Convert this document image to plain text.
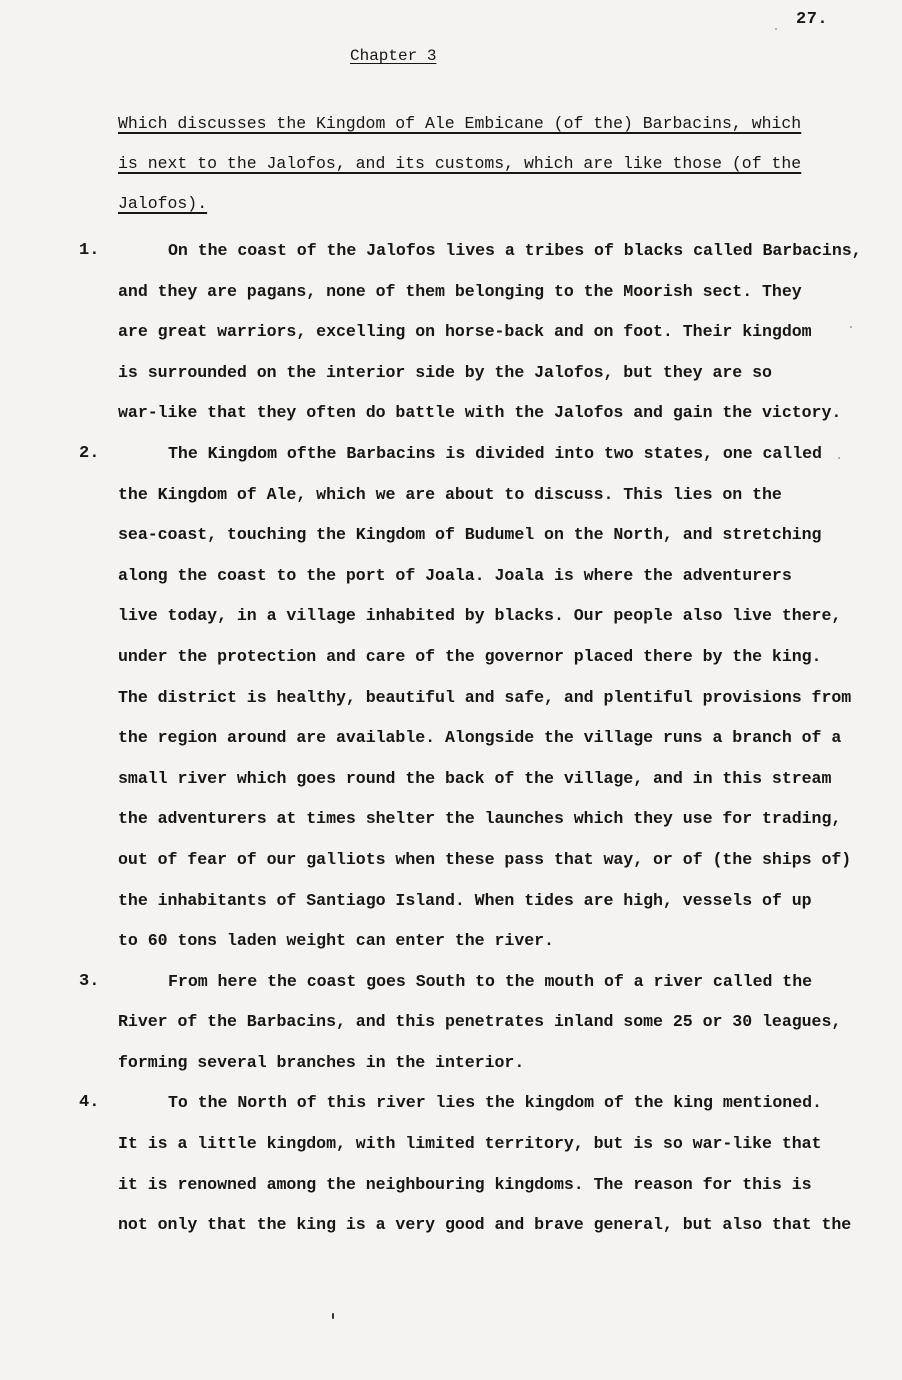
27.
Chapter 3
Which discusses the Kingdom of Ale Embicane (of the) Barbacins, which
is next to the Jalofos, and its customs, which are like those (of the
Jalofos).
1.	On the coast of the Jalofos lives a tribes of blacks called Barbacins,
and they are pagans, none of them belonging to the Moorish sect. They
are great warriors, excelling on horse-back and on foot. Their kingdom
is surrounded on the interior side by the Jalofos, but they are so
war-like that they often do battle with the Jalofos and gain the victory.
2.	The Kingdom ofthe Barbacins is divided into two states, one called
the Kingdom of Ale, which we are about to discuss. This lies on the
sea-coast, touching the Kingdom of Budumel on the North, and stretching
along the coast to the port of Joala. Joala is where the adventurers
live today, in a village inhabited by blacks. Our people also live there,
under the protection and care of the governor placed there by the king.
The district is healthy, beautiful and safe, and plentiful provisions from
the region around are available. Alongside the village runs a branch of a
small river which goes round the back of the village, and in this stream
the adventurers at times shelter the launches which they use for trading,
out of fear of our galliots when these pass that way, or of (the ships of)
the inhabitants of Santiago Island. When tides are high, vessels of up
to 60 tons laden weight can enter the river.
3.	From here the coast goes South to the mouth of a river called the
River of the Barbacins, and this penetrates inland some 25 or 30 leagues,
forming several branches in the interior.
4.	To the North of this river lies the kingdom of the king mentioned.
It is a little kingdom, with limited territory, but is so war-like that
it is renowned among the neighbouring kingdoms. The reason for this is
not only that the king is a very good and brave general, but also that the
